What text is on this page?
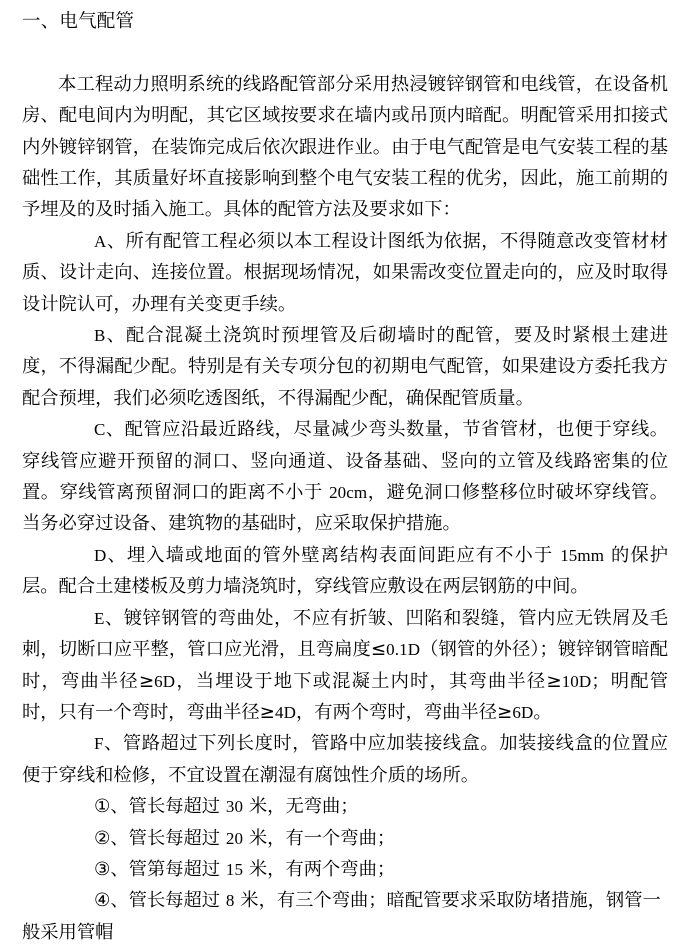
一、电气配管

本工程动力照明系统的线路配管部分采用热浸镀锌钢管和电线管，在设备机房、配电间内为明配，其它区域按要求在墙内或吊顶内暗配。明配管采用扣接式内外镀锌钢管，在装饰完成后依次跟进作业。由于电气配管是电气安装工程的基础性工作，其质量好坏直接影响到整个电气安装工程的优劣，因此，施工前期的予埋及的及时插入施工。具体的配管方法及要求如下：

A、所有配管工程必须以本工程设计图纸为依据，不得随意改变管材材质、设计走向、连接位置。根据现场情况，如果需改变位置走向的，应及时取得设计院认可，办理有关变更手续。

B、配合混凝土浇筑时预埋管及后砌墙时的配管，要及时紧根土建进度，不得漏配少配。特别是有关专项分包的初期电气配管，如果建设方委托我方配合预埋，我们必须吃透图纸，不得漏配少配，确保配管质量。

C、配管应沿最近路线，尽量减少弯头数量，节省管材，也便于穿线。穿线管应避开预留的洞口、竖向通道、设备基础、竖向的立管及线路密集的位置。穿线管离预留洞口的距离不小于 20cm，避免洞口修整移位时破坏穿线管。当务必穿过设备、建筑物的基础时，应采取保护措施。

D、埋入墙或地面的管外壁离结构表面间距应有不小于 15mm 的保护层。配合土建楼板及剪力墙浇筑时，穿线管应敷设在两层钢筋的中间。

E、镀锌钢管的弯曲处，不应有折皱、凹陷和裂缝，管内应无铁屑及毛刺，切断口应平整，管口应光滑，且弯扁度≤0.1D（钢管的外径）；镀锌钢管暗配时，弯曲半径≥6D，当埋设于地下或混凝土内时，其弯曲半径≥10D；明配管时，只有一个弯时，弯曲半径≥4D，有两个弯时，弯曲半径≥6D。

F、管路超过下列长度时，管路中应加装接线盒。加装接线盒的位置应便于穿线和检修，不宜设置在潮湿有腐蚀性介质的场所。

①、管长每超过 30 米，无弯曲；

②、管长每超过 20 米，有一个弯曲；

③、管第每超过 15 米，有两个弯曲；

④、管长每超过 8 米，有三个弯曲；暗配管要求采取防堵措施，钢管一般采用管帽
